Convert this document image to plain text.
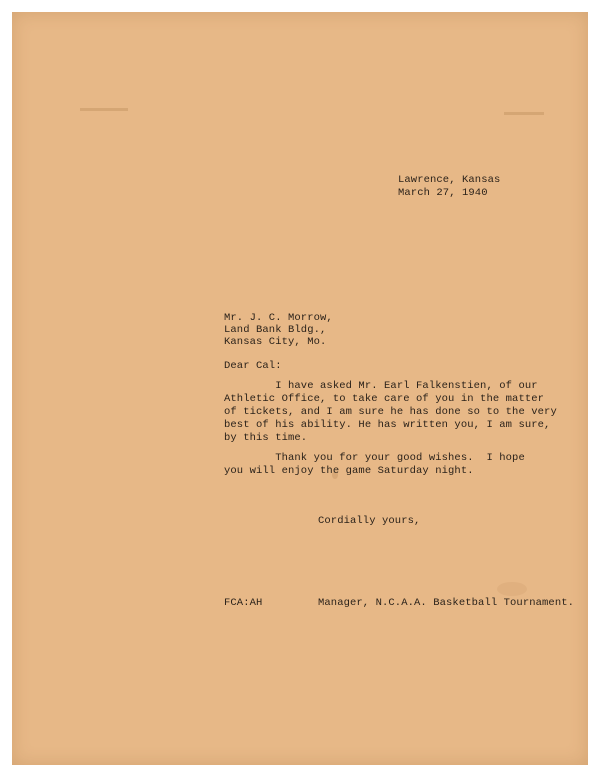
Lawrence, Kansas

March 27, 1940

Mr. J. C. Morrow,

Land Bank Bldg.,

Kansas City, Mo.

Dear Cal:

I have asked Mr. Earl Falkenstien, of our

Athletic Office, to take care of you in the matter

of tickets, and I am sure he has done so to the very

best of his ability. He has written you, I am sure,

by this time.

Thank you for your good wishes.  I hope

you will enjoy the game Saturday night.

Cordially yours,

FCA:AH	Manager, N.C.A.A. Basketball Tournament.
